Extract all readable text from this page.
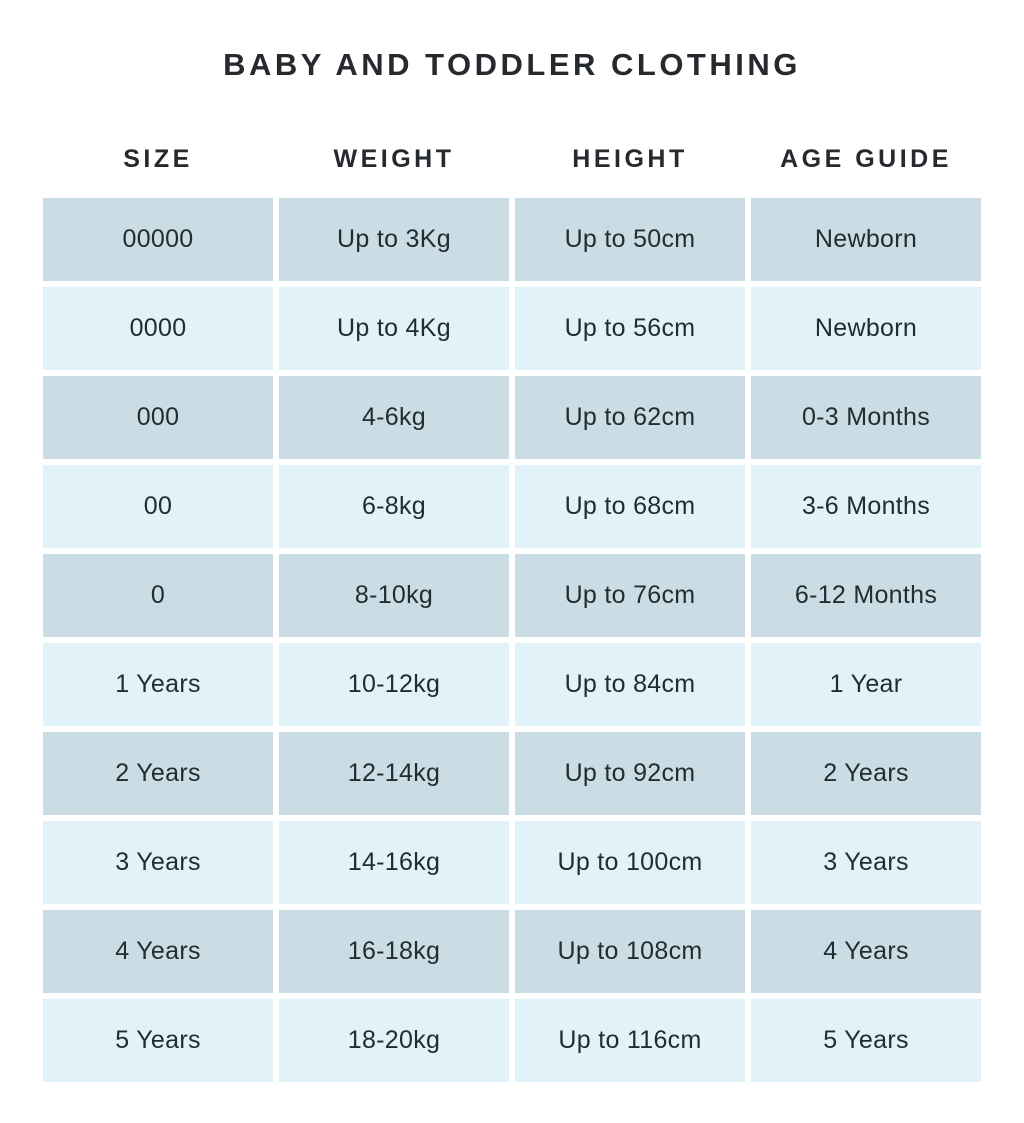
BABY AND TODDLER CLOTHING
SIZE	WEIGHT	HEIGHT	AGE GUIDE
00000	Up to 3Kg	Up to 50cm	Newborn
0000	Up to 4Kg	Up to 56cm	Newborn
000	4-6kg	Up to 62cm	0-3 Months
00	6-8kg	Up to 68cm	3-6 Months
0	8-10kg	Up to 76cm	6-12 Months
1 Years	10-12kg	Up to 84cm	1 Year
2 Years	12-14kg	Up to 92cm	2 Years
3 Years	14-16kg	Up to 100cm	3 Years
4 Years	16-18kg	Up to 108cm	4 Years
5 Years	18-20kg	Up to 116cm	5 Years
